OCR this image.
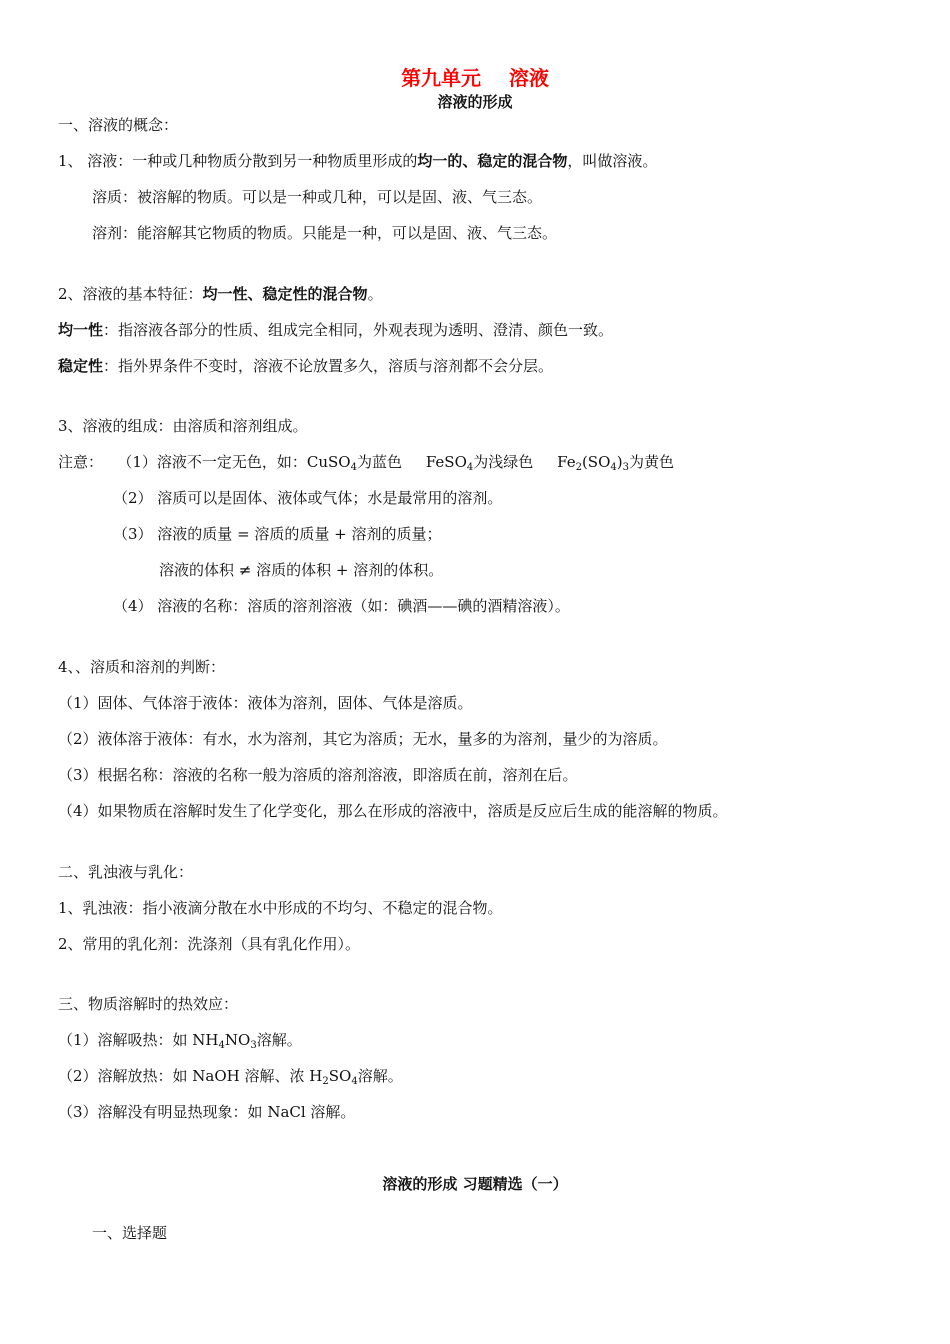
第九单元 溶液
溶液的形成
一、溶液的概念：
1、 溶液：一种或几种物质分散到另一种物质里形成的均一的、稳定的混合物，叫做溶液。
溶质：被溶解的物质。可以是一种或几种，可以是固、液、气三态。
溶剂：能溶解其它物质的物质。只能是一种，可以是固、液、气三态。
2、溶液的基本特征：均一性、稳定性的混合物。
均一性：指溶液各部分的性质、组成完全相同，外观表现为透明、澄清、颜色一致。
稳定性：指外界条件不变时，溶液不论放置多久，溶质与溶剂都不会分层。
3、溶液的组成：由溶质和溶剂组成。
注意： （1）溶液不一定无色，如：CuSO$_4$为蓝色 FeSO$_4$为浅绿色 $Fe_2(SO_4)_3$为黄色
（2） 溶质可以是固体、液体或气体；水是最常用的溶剂。
（3） 溶液的质量 = 溶质的质量 + 溶剂的质量；
溶液的体积 ≠ 溶质的体积 + 溶剂的体积。
（4） 溶液的名称：溶质的溶剂溶液（如：碘酒——碘的酒精溶液）。
4、、溶质和溶剂的判断：
（1）固体、气体溶于液体：液体为溶剂，固体、气体是溶质。
（2）液体溶于液体：有水，水为溶剂，其它为溶质；无水，量多的为溶剂，量少的为溶质。
（3）根据名称：溶液的名称一般为溶质的溶剂溶液，即溶质在前，溶剂在后。
（4）如果物质在溶解时发生了化学变化，那么在形成的溶液中，溶质是反应后生成的能溶解的物质。
二、乳浊液与乳化：
1、乳浊液：指小液滴分散在水中形成的不均匀、不稳定的混合物。
2、常用的乳化剂：洗涤剂（具有乳化作用）。
三、物质溶解时的热效应：
（1）溶解吸热：如 $NH_4NO_3$溶解。
（2）溶解放热：如 NaOH 溶解、浓 $H_2SO_4$溶解。
（3）溶解没有明显热现象：如 NaCl 溶解。
溶液的形成 习题精选（一）
一、选择题
